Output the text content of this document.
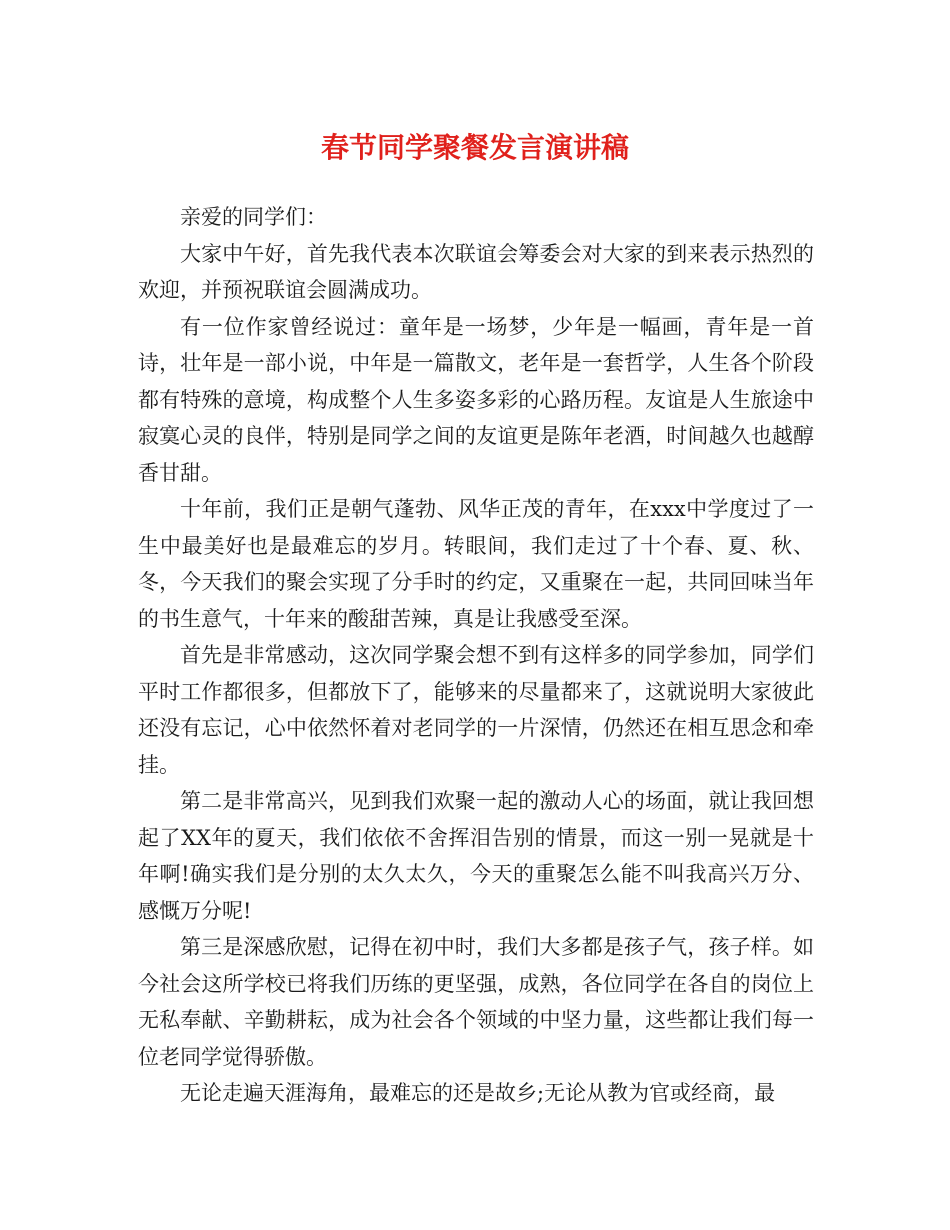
春节同学聚餐发言演讲稿

亲爱的同学们：

大家中午好，首先我代表本次联谊会筹委会对大家的到来表示热烈的欢迎，并预祝联谊会圆满成功。

有一位作家曾经说过：童年是一场梦，少年是一幅画，青年是一首诗，壮年是一部小说，中年是一篇散文，老年是一套哲学，人生各个阶段都有特殊的意境，构成整个人生多姿多彩的心路历程。友谊是人生旅途中寂寞心灵的良伴，特别是同学之间的友谊更是陈年老酒，时间越久也越醇香甘甜。

十年前，我们正是朝气蓬勃、风华正茂的青年，在xxx中学度过了一生中最美好也是最难忘的岁月。转眼间，我们走过了十个春、夏、秋、冬，今天我们的聚会实现了分手时的约定，又重聚在一起，共同回味当年的书生意气，十年来的酸甜苦辣，真是让我感受至深。

首先是非常感动，这次同学聚会想不到有这样多的同学参加，同学们平时工作都很多，但都放下了，能够来的尽量都来了，这就说明大家彼此还没有忘记，心中依然怀着对老同学的一片深情，仍然还在相互思念和牵挂。

第二是非常高兴，见到我们欢聚一起的激动人心的场面，就让我回想起了XX年的夏天，我们依依不舍挥泪告别的情景，而这一别一晃就是十年啊!确实我们是分别的太久太久，今天的重聚怎么能不叫我高兴万分、感慨万分呢!

第三是深感欣慰，记得在初中时，我们大多都是孩子气，孩子样。如今社会这所学校已将我们历练的更坚强，成熟，各位同学在各自的岗位上无私奉献、辛勤耕耘，成为社会各个领域的中坚力量，这些都让我们每一位老同学觉得骄傲。

无论走遍天涯海角，最难忘的还是故乡;无论从教为官或经商，最
